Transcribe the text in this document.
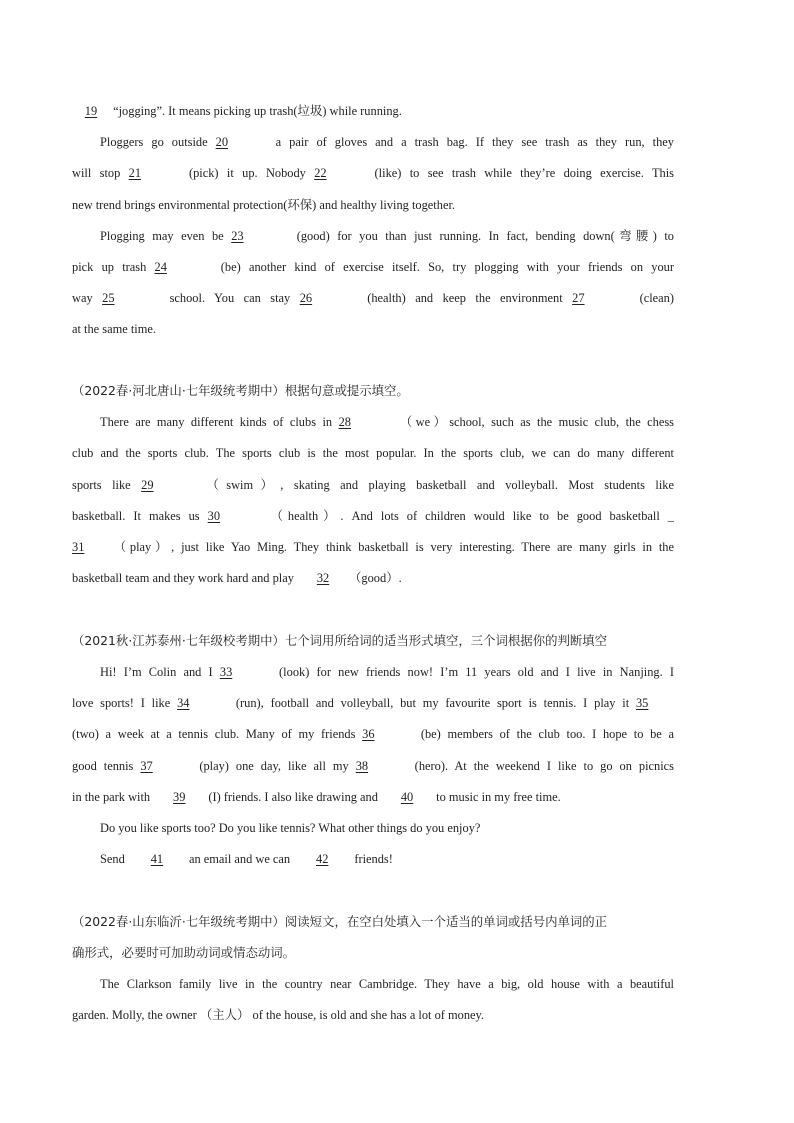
19 “jogging”. It means picking up trash(垃圾) while running.
Ploggers go outside 20	a pair of gloves and a trash bag. If they see trash as they run, they
will stop 21	(pick) it up. Nobody 22	(like) to see trash while they’re doing exercise. This
new trend brings environmental protection(环保) and healthy living together.
Plogging may even be 23	(good) for you than just running. In fact, bending down(弯腰) to
pick up trash 24	(be) another kind of exercise itself. So, try plogging with your friends on your
way 25	school. You can stay 26	(health) and keep the environment 27	(clean)
at the same time.
（2022春·河北唐山·七年级统考期中）根据句意或提示填空。
There are many different kinds of clubs in 28	（we）school, such as the music club, the chess
club and the sports club. The sports club is the most popular. In the sports club, we can do many different
sports like 29	（swim）, skating and playing basketball and volleyball. Most students like
basketball. It makes us 30	（health）. And lots of children would like to be good basketball _
31 （play）, just like Yao Ming. They think basketball is very interesting. There are many girls in the
basketball team and they work hard and play 32 （good）.
（2021秋·江苏泰州·七年级校考期中）七个词用所给词的适当形式填空，三个词根据你的判断填空
Hi! I’m Colin and I 33	(look) for new friends now! I’m 11 years old and I live in Nanjing. I
love sports! I like 34	(run), football and volleyball, but my favourite sport is tennis. I play it 35
(two) a week at a tennis club. Many of my friends 36	(be) members of the club too. I hope to be a
good tennis 37	(play) one day, like all my 38	(hero). At the weekend I like to go on picnics
in the park with 39 (I) friends. I also like drawing and 40 to music in my free time.
Do you like sports too? Do you like tennis? What other things do you enjoy?
Send 41 an email and we can 42 friends!
（2022春·山东临沂·七年级统考期中）阅读短文，在空白处填入一个适当的单词或括号内单词的正
确形式，必要时可加助动词或情态动词。
The Clarkson family live in the country near Cambridge. They have a big, old house with a beautiful
garden. Molly, the owner （主人） of the house, is old and she has a lot of money.
